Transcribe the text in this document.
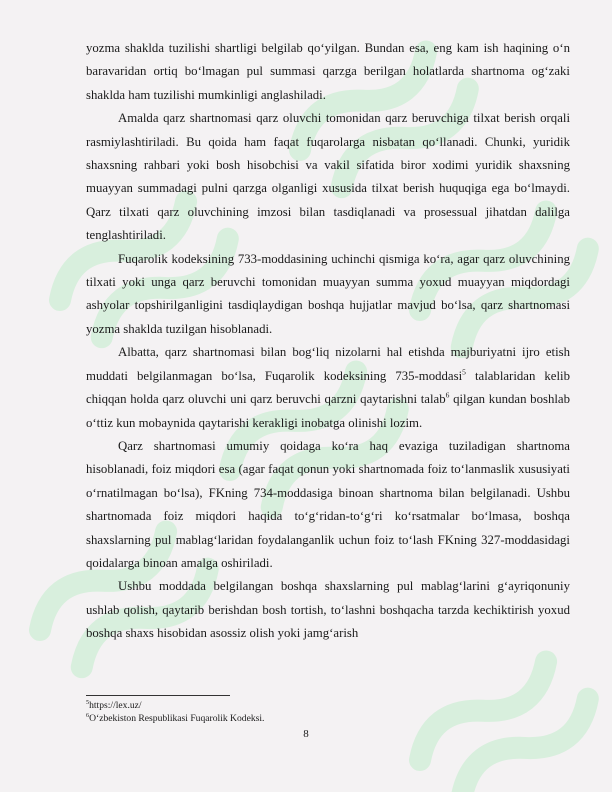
yozma shaklda tuzilishi shartligi belgilab qo‘yilgan. Bundan esa, eng kam ish haqining o‘n baravaridan ortiq bo‘lmagan pul summasi qarzga berilgan holatlarda shartnoma og‘zaki shaklda ham tuzilishi mumkinligi anglashiladi.

Amalda qarz shartnomasi qarz oluvchi tomonidan qarz beruvchiga tilxat berish orqali rasmiylashtiriladi. Bu qoida ham faqat fuqarolarga nisbatan qo‘llanadi. Chunki, yuridik shaxsning rahbari yoki bosh hisobchisi va vakil sifatida biror xodimi yuridik shaxsning muayyan summadagi pulni qarzga olganligi xususida tilxat berish huquqiga ega bo‘lmaydi. Qarz tilxati qarz oluvchining imzosi bilan tasdiqlanadi va prosessual jihatdan dalilga tenglashtiriladi.

Fuqarolik kodeksining 733-moddasining uchinchi qismiga ko‘ra, agar qarz oluvchining tilxati yoki unga qarz beruvchi tomonidan muayyan summa yoxud muayyan miqdordagi ashyolar topshirilganligini tasdiqlaydigan boshqa hujjatlar mavjud bo‘lsa, qarz shartnomasi yozma shaklda tuzilgan hisoblanadi.

Albatta, qarz shartnomasi bilan bog‘liq nizolarni hal etishda majburiyatni ijro etish muddati belgilanmagan bo‘lsa, Fuqarolik kodeksining 735-moddasi$^5$ talablaridan kelib chiqqan holda qarz oluvchi uni qarz beruvchi qarzni qaytarishni talab$^6$ qilgan kundan boshlab o‘ttiz kun mobaynida qaytarishi kerakligi inobatga olinishi lozim.

Qarz shartnomasi umumiy qoidaga ko‘ra haq evaziga tuziladigan shartnoma hisoblanadi, foiz miqdori esa (agar faqat qonun yoki shartnomada foiz to‘lanmaslik xususiyati o‘rnatilmagan bo‘lsa), FKning 734-moddasiga binoan shartnoma bilan belgilanadi. Ushbu shartnomada foiz miqdori haqida to‘g‘ridan-to‘g‘ri ko‘rsatmalar bo‘lmasa, boshqa shaxslarning pul mablag‘laridan foydalanganlik uchun foiz to‘lash FKning 327-moddasidagi qoidalarga binoan amalga oshiriladi.

Ushbu moddada belgilangan boshqa shaxslarning pul mablag‘larini g‘ayriqonuniy ushlab qolish, qaytarib berishdan bosh tortish, to‘lashni boshqacha tarzda kechiktirish yoxud boshqa shaxs hisobidan asossiz olish yoki jamg‘arish

$^5$https://lex.uz/

$^6$O‘zbekiston Respublikasi Fuqarolik Kodeksi.

8
